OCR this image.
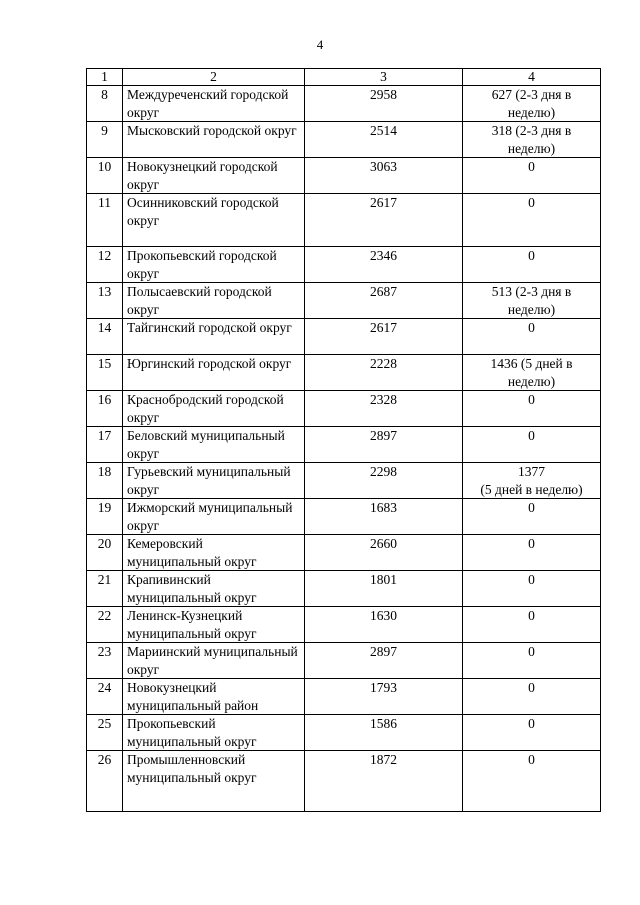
4
1	2	3	4
8	Междуреченский городской округ	2958	627 (2-3 дня в неделю)
9	Мысковский городской округ	2514	318 (2-3 дня в неделю)
10	Новокузнецкий городской округ	3063	0
11	Осинниковский городской округ	2617	0
12	Прокопьевский городской округ	2346	0
13	Полысаевский городской округ	2687	513 (2-3 дня в неделю)
14	Тайгинский городской округ	2617	0
15	Юргинский городской округ	2228	1436 (5 дней в неделю)
16	Краснобродский городской округ	2328	0
17	Беловский муниципальный округ	2897	0
18	Гурьевский муниципальный округ	2298	1377
(5 дней в неделю)
19	Ижморский муниципальный округ	1683	0
20	Кемеровский муниципальный округ	2660	0
21	Крапивинский муниципальный округ	1801	0
22	Ленинск-Кузнецкий муниципальный округ	1630	0
23	Мариинский муниципальный округ	2897	0
24	Новокузнецкий муниципальный район	1793	0
25	Прокопьевский муниципальный округ	1586	0
26	Промышленновский муниципальный округ	1872	0
